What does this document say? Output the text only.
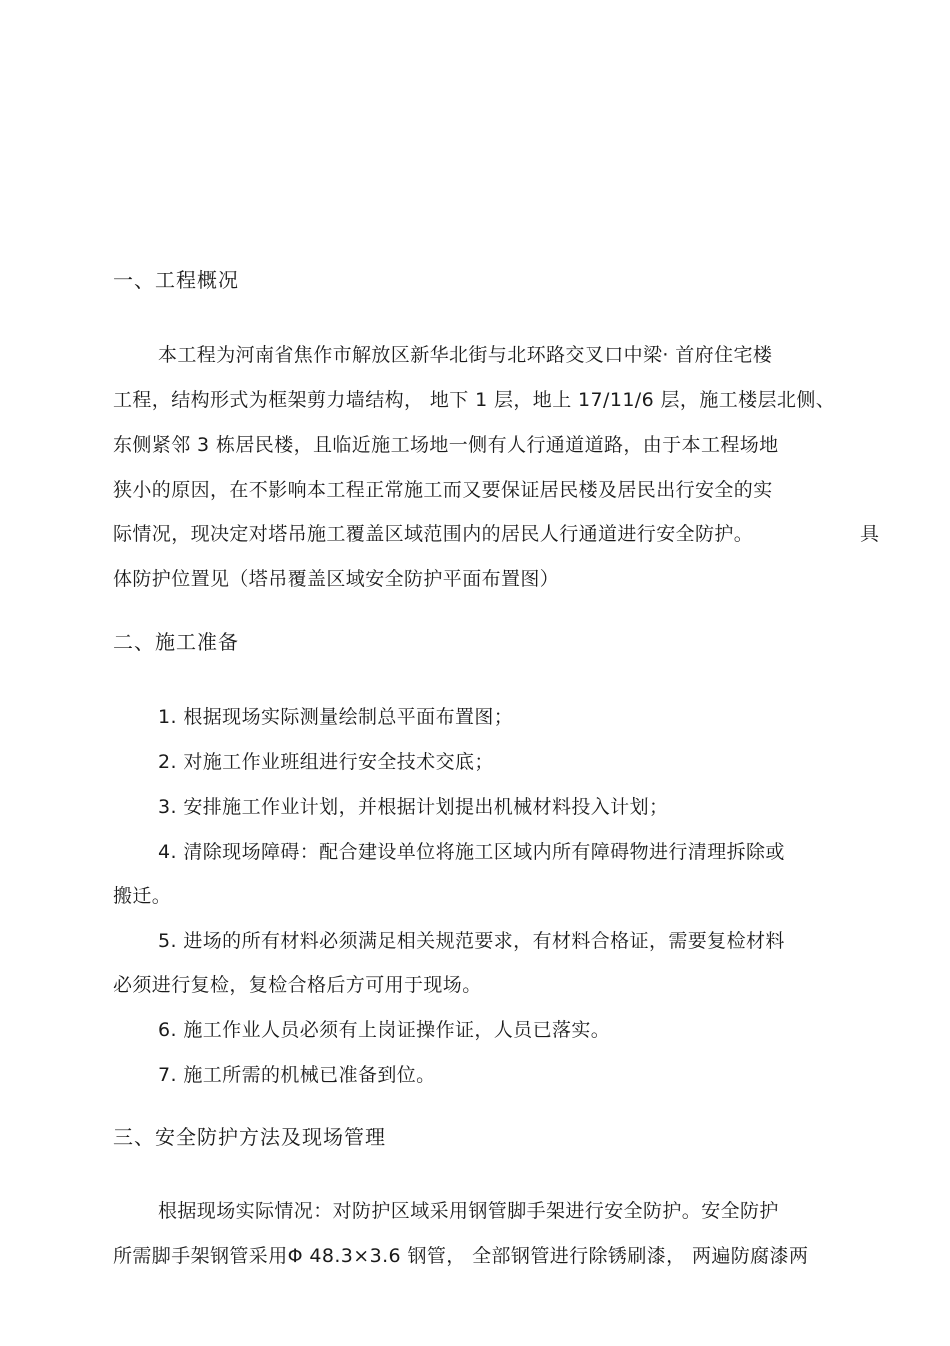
一、工程概况
本工程为河南省焦作市解放区新华北街与北环路交叉口中梁· 首府住宅楼
工程，结构形式为框架剪力墙结构， 地下 1 层，地上 17/11/6 层，施工楼层北侧、
东侧紧邻 3 栋居民楼，且临近施工场地一侧有人行通道道路，由于本工程场地
狭小的原因，在不影响本工程正常施工而又要保证居民楼及居民出行安全的实
际情况，现决定对塔吊施工覆盖区域范围内的居民人行通道进行安全防护。	具
体防护位置见（塔吊覆盖区域安全防护平面布置图）
二、施工准备
1. 根据现场实际测量绘制总平面布置图；
2. 对施工作业班组进行安全技术交底；
3. 安排施工作业计划，并根据计划提出机械材料投入计划；
4. 清除现场障碍：配合建设单位将施工区域内所有障碍物进行清理拆除或
搬迁。
5. 进场的所有材料必须满足相关规范要求，有材料合格证，需要复检材料
必须进行复检，复检合格后方可用于现场。
6. 施工作业人员必须有上岗证操作证，人员已落实。
7. 施工所需的机械已准备到位。
三、安全防护方法及现场管理
根据现场实际情况：对防护区域采用钢管脚手架进行安全防护。安全防护
所需脚手架钢管采用Φ 48.3×3.6 钢管， 全部钢管进行除锈刷漆， 两遍防腐漆两
